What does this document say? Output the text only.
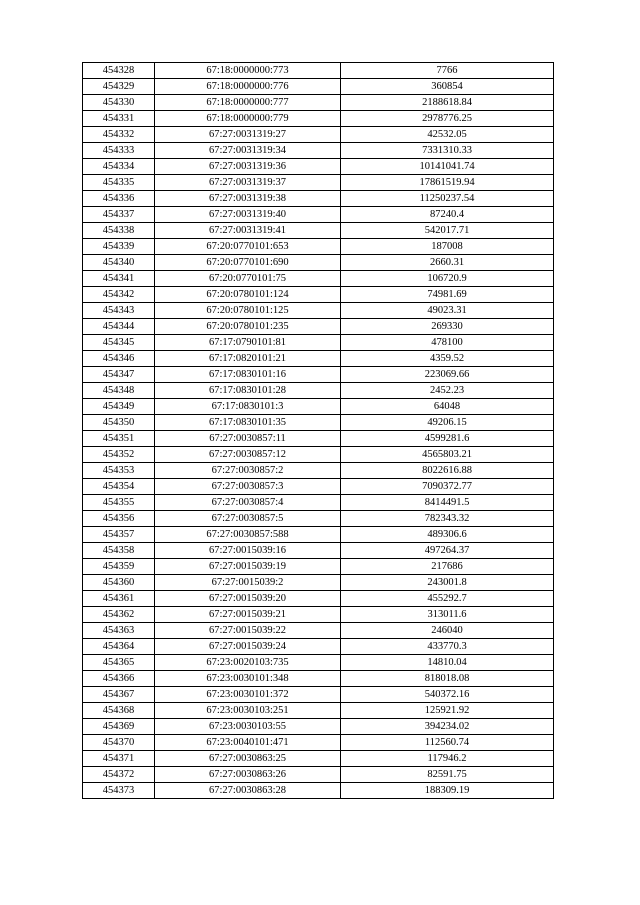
454328	67:18:0000000:773	7766
454329	67:18:0000000:776	360854
454330	67:18:0000000:777	2188618.84
454331	67:18:0000000:779	2978776.25
454332	67:27:0031319:27	42532.05
454333	67:27:0031319:34	7331310.33
454334	67:27:0031319:36	10141041.74
454335	67:27:0031319:37	17861519.94
454336	67:27:0031319:38	11250237.54
454337	67:27:0031319:40	87240.4
454338	67:27:0031319:41	542017.71
454339	67:20:0770101:653	187008
454340	67:20:0770101:690	2660.31
454341	67:20:0770101:75	106720.9
454342	67:20:0780101:124	74981.69
454343	67:20:0780101:125	49023.31
454344	67:20:0780101:235	269330
454345	67:17:0790101:81	478100
454346	67:17:0820101:21	4359.52
454347	67:17:0830101:16	223069.66
454348	67:17:0830101:28	2452.23
454349	67:17:0830101:3	64048
454350	67:17:0830101:35	49206.15
454351	67:27:0030857:11	4599281.6
454352	67:27:0030857:12	4565803.21
454353	67:27:0030857:2	8022616.88
454354	67:27:0030857:3	7090372.77
454355	67:27:0030857:4	8414491.5
454356	67:27:0030857:5	782343.32
454357	67:27:0030857:588	489306.6
454358	67:27:0015039:16	497264.37
454359	67:27:0015039:19	217686
454360	67:27:0015039:2	243001.8
454361	67:27:0015039:20	455292.7
454362	67:27:0015039:21	313011.6
454363	67:27:0015039:22	246040
454364	67:27:0015039:24	433770.3
454365	67:23:0020103:735	14810.04
454366	67:23:0030101:348	818018.08
454367	67:23:0030101:372	540372.16
454368	67:23:0030103:251	125921.92
454369	67:23:0030103:55	394234.02
454370	67:23:0040101:471	112560.74
454371	67:27:0030863:25	117946.2
454372	67:27:0030863:26	82591.75
454373	67:27:0030863:28	188309.19
